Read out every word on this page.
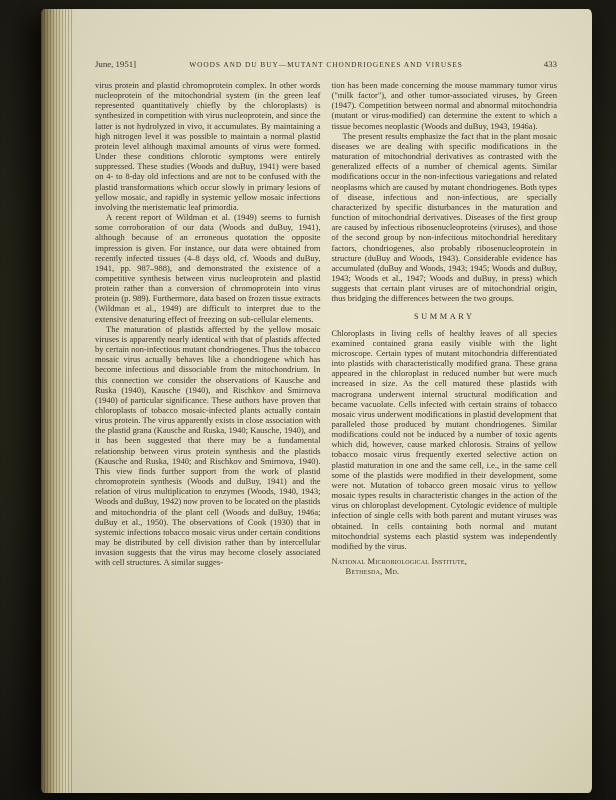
June, 1951]	WOODS AND DU BUY—MUTANT CHONDRIOGENES AND VIRUSES	433

virus protein and plastid chromoprotein complex. In other words nucleoprotein of the mitochondrial system (in the green leaf represented quantitatively chiefly by the chloroplasts) is synthesized in competition with virus nucleoprotein, and since the latter is not hydrolyzed in vivo, it accumulates. By maintaining a high nitrogen level it was possible to maintain a normal plastid protein level although maximal amounts of virus were formed. Under these conditions chlorotic symptoms were entirely suppressed. These studies (Woods and duBuy, 1941) were based on 4- to 8-day old infections and are not to be confused with the plastid transformations which occur slowly in primary lesions of yellow mosaic, and rapidly in systemic yellow mosaic infections involving the meristematic leaf primordia.

A recent report of Wildman et al. (1949) seems to furnish some corroboration of our data (Woods and duBuy, 1941), although because of an erroneous quotation the opposite impression is given. For instance, our data were obtained from recently infected tissues (4–8 days old, cf. Woods and duBuy, 1941, pp. 987–988), and demonstrated the existence of a competitive synthesis between virus nucleoprotein and plastid protein rather than a conversion of chromoprotein into virus protein (p. 989). Furthermore, data based on frozen tissue extracts (Wildman et al., 1949) are difficult to interpret due to the extensive denaturing effect of freezing on sub-cellular elements.

The maturation of plastids affected by the yellow mosaic viruses is apparently nearly identical with that of plastids affected by certain non-infectious mutant chondriogenes. Thus the tobacco mosaic virus actually behaves like a chondriogene which has become infectious and dissociable from the mitochondrium. In this connection we consider the observations of Kausche and Ruska (1940), Kausche (1940), and Rischkov and Smirnova (1940) of particular significance. These authors have proven that chloroplasts of tobacco mosaic-infected plants actually contain virus protein. The virus apparently exists in close association with the plastid grana (Kausche and Ruska, 1940; Kausche, 1940), and it has been suggested that there may be a fundamental relationship between virus protein synthesis and the plastids (Kausche and Ruska, 1940; and Rischkov and Smirnova, 1940). This view finds further support from the work of plastid chromoprotein synthesis (Woods and duBuy, 1941) and the relation of virus multiplication to enzymes (Woods, 1940, 1943; Woods and duBuy, 1942) now proven to be located on the plastids and mitochondria of the plant cell (Woods and duBuy, 1946a; duBuy et al., 1950). The observations of Cook (1930) that in systemic infections tobacco mosaic virus under certain conditions may be distributed by cell division rather than by intercellular invasion suggests that the virus may become closely associated with cell structures. A similar sugges-

tion has been made concerning the mouse mammary tumor virus ("milk factor"), and other tumor-associated viruses, by Green (1947). Competition between normal and abnormal mitochondria (mutant or virus-modified) can determine the extent to which a tissue becomes neoplastic (Woods and duBuy, 1943, 1946a).

The present results emphasize the fact that in the plant mosaic diseases we are dealing with specific modifications in the maturation of mitochondrial derivatives as contrasted with the generalized effects of a number of chemical agents. Similar modifications occur in the non-infectious variegations and related neoplasms which are caused by mutant chondriogenes. Both types of disease, infectious and non-infectious, are specially characterized by specific disturbances in the maturation and function of mitochondrial derivatives. Diseases of the first group are caused by infectious ribosenucleoproteins (viruses), and those of the second group by non-infectious mitochondrial hereditary factors, chondriogenes, also probably ribosenucleoprotein in structure (duBuy and Woods, 1943). Considerable evidence has accumulated (duBuy and Woods, 1943; 1945; Woods and duBuy, 1943; Woods et al., 1947; Woods and duBuy, in press) which suggests that certain plant viruses are of mitochondrial origin, thus bridging the differences between the two groups.

SUMMARY

Chloroplasts in living cells of healthy leaves of all species examined contained grana easily visible with the light microscope. Certain types of mutant mitochondria differentiated into plastids with characteristically modified grana. These grana appeared in the chloroplast in reduced number but were much increased in size. As the cell matured these plastids with macrograna underwent internal structural modification and became vacuolate. Cells infected with certain strains of tobacco mosaic virus underwent modifications in plastid development that paralleled those produced by mutant chondriogenes. Similar modifications could not be induced by a number of toxic agents which did, however, cause marked chlorosis. Strains of yellow tobacco mosaic virus frequently exerted selective action on plastid maturation in one and the same cell, i.e., in the same cell some of the plastids were modified in their development, some were not. Mutation of tobacco green mosaic virus to yellow mosaic types results in characteristic changes in the action of the virus on chloroplast development. Cytologic evidence of multiple infection of single cells with both parent and mutant viruses was obtained. In cells containing both normal and mutant mitochondrial systems each plastid system was independently modified by the virus.

National Microbiological Institute,
Bethesda, Md.
